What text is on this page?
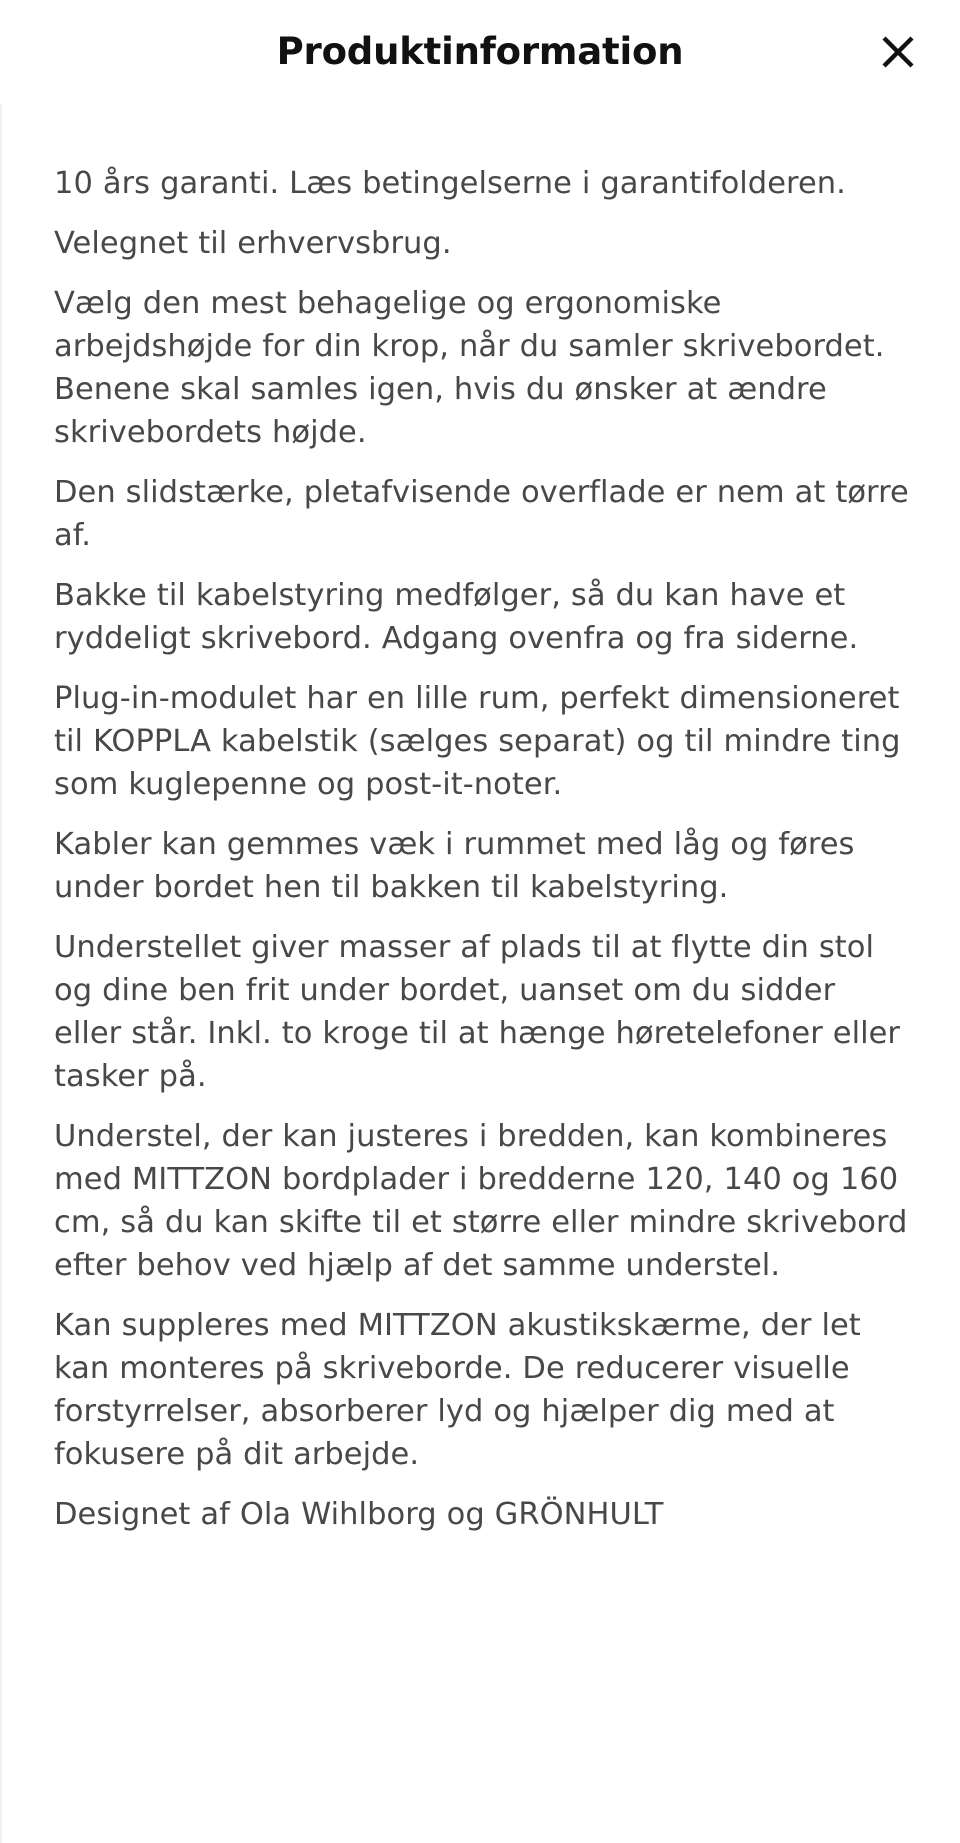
Produktinformation

10 års garanti. Læs betingelserne i garantifolderen.

Velegnet til erhvervsbrug.

Vælg den mest behagelige og ergonomiske arbejdshøjde for din krop, når du samler skrivebordet. Benene skal samles igen, hvis du ønsker at ændre skrivebordets højde.

Den slidstærke, pletafvisende overflade er nem at tørre af.

Bakke til kabelstyring medfølger, så du kan have et ryddeligt skrivebord. Adgang ovenfra og fra siderne.

Plug-in-modulet har en lille rum, perfekt dimensioneret til KOPPLA kabelstik (sælges separat) og til mindre ting som kuglepenne og post-it-noter.

Kabler kan gemmes væk i rummet med låg og føres under bordet hen til bakken til kabelstyring.

Understellet giver masser af plads til at flytte din stol og dine ben frit under bordet, uanset om du sidder eller står. Inkl. to kroge til at hænge høretelefoner eller tasker på.

Understel, der kan justeres i bredden, kan kombineres med MITTZON bordplader i bredderne 120, 140 og 160 cm, så du kan skifte til et større eller mindre skrivebord efter behov ved hjælp af det samme understel.

Kan suppleres med MITTZON akustikskærme, der let kan monteres på skriveborde. De reducerer visuelle forstyrrelser, absorberer lyd og hjælper dig med at fokusere på dit arbejde.

Designet af Ola Wihlborg og GRÖNHULT
